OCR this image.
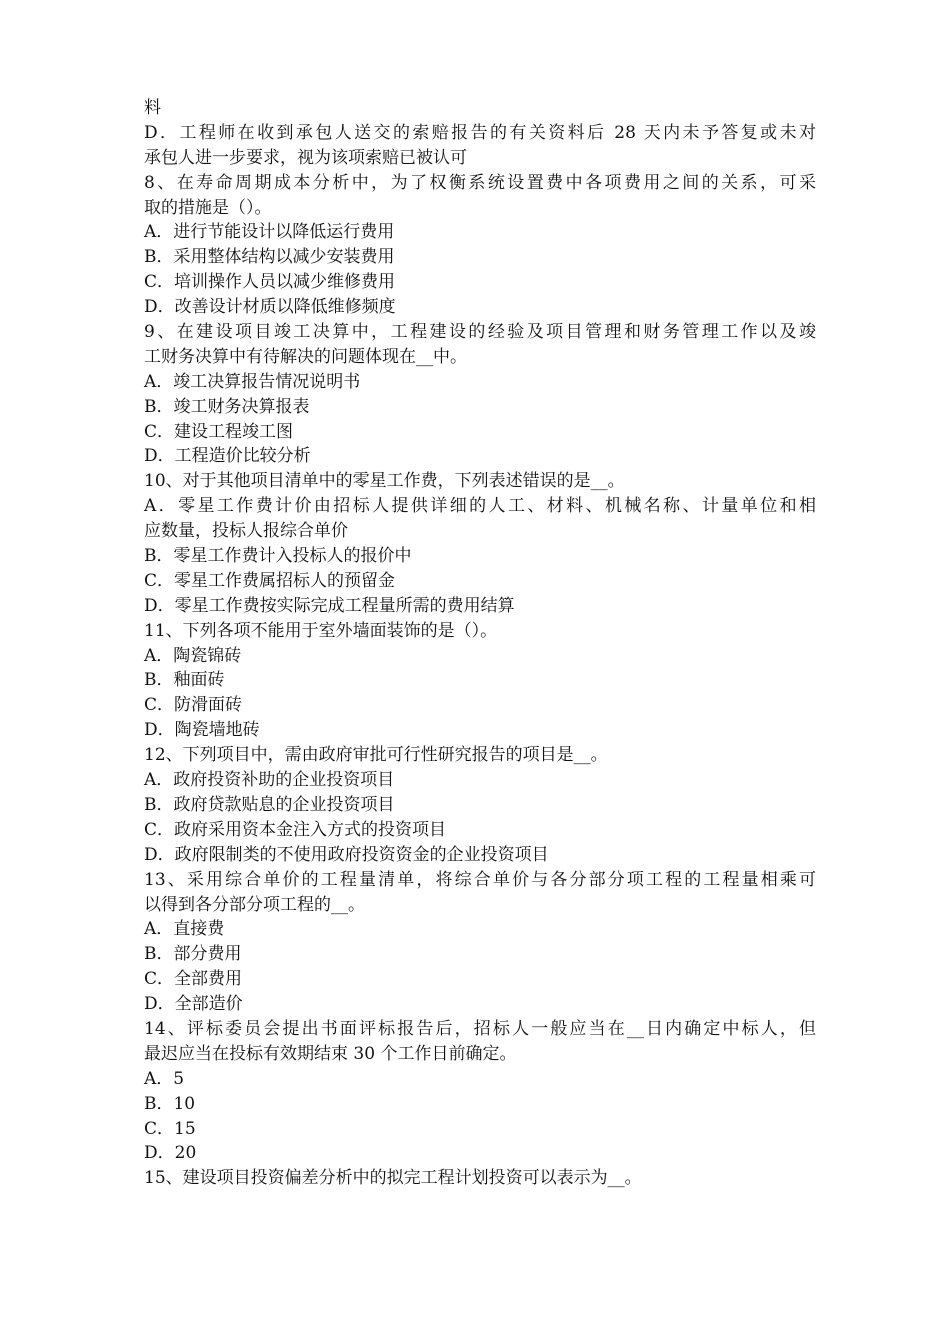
料
D．工程师在收到承包人送交的索赔报告的有关资料后 28 天内未予答复或未对
承包人进一步要求，视为该项索赔已被认可
8、在寿命周期成本分析中，为了权衡系统设置费中各项费用之间的关系，可采
取的措施是（）。
A．进行节能设计以降低运行费用
B．采用整体结构以减少安装费用
C．培训操作人员以减少维修费用
D．改善设计材质以降低维修频度
9、在建设项目竣工决算中，工程建设的经验及项目管理和财务管理工作以及竣
工财务决算中有待解决的问题体现在__中。
A．竣工决算报告情况说明书
B．竣工财务决算报表
C．建设工程竣工图
D．工程造价比较分析
10、对于其他项目清单中的零星工作费，下列表述错误的是__。
A．零星工作费计价由招标人提供详细的人工、材料、机械名称、计量单位和相
应数量，投标人报综合单价
B．零星工作费计入投标人的报价中
C．零星工作费属招标人的预留金
D．零星工作费按实际完成工程量所需的费用结算
11、下列各项不能用于室外墙面装饰的是（）。
A．陶瓷锦砖
B．釉面砖
C．防滑面砖
D．陶瓷墙地砖
12、下列项目中，需由政府审批可行性研究报告的项目是__。
A．政府投资补助的企业投资项目
B．政府贷款贴息的企业投资项目
C．政府采用资本金注入方式的投资项目
D．政府限制类的不使用政府投资资金的企业投资项目
13、采用综合单价的工程量清单，将综合单价与各分部分项工程的工程量相乘可
以得到各分部分项工程的__。
A．直接费
B．部分费用
C．全部费用
D．全部造价
14、评标委员会提出书面评标报告后，招标人一般应当在__日内确定中标人，但
最迟应当在投标有效期结束 30 个工作日前确定。
A．5
B．10
C．15
D．20
15、建设项目投资偏差分析中的拟完工程计划投资可以表示为__。
